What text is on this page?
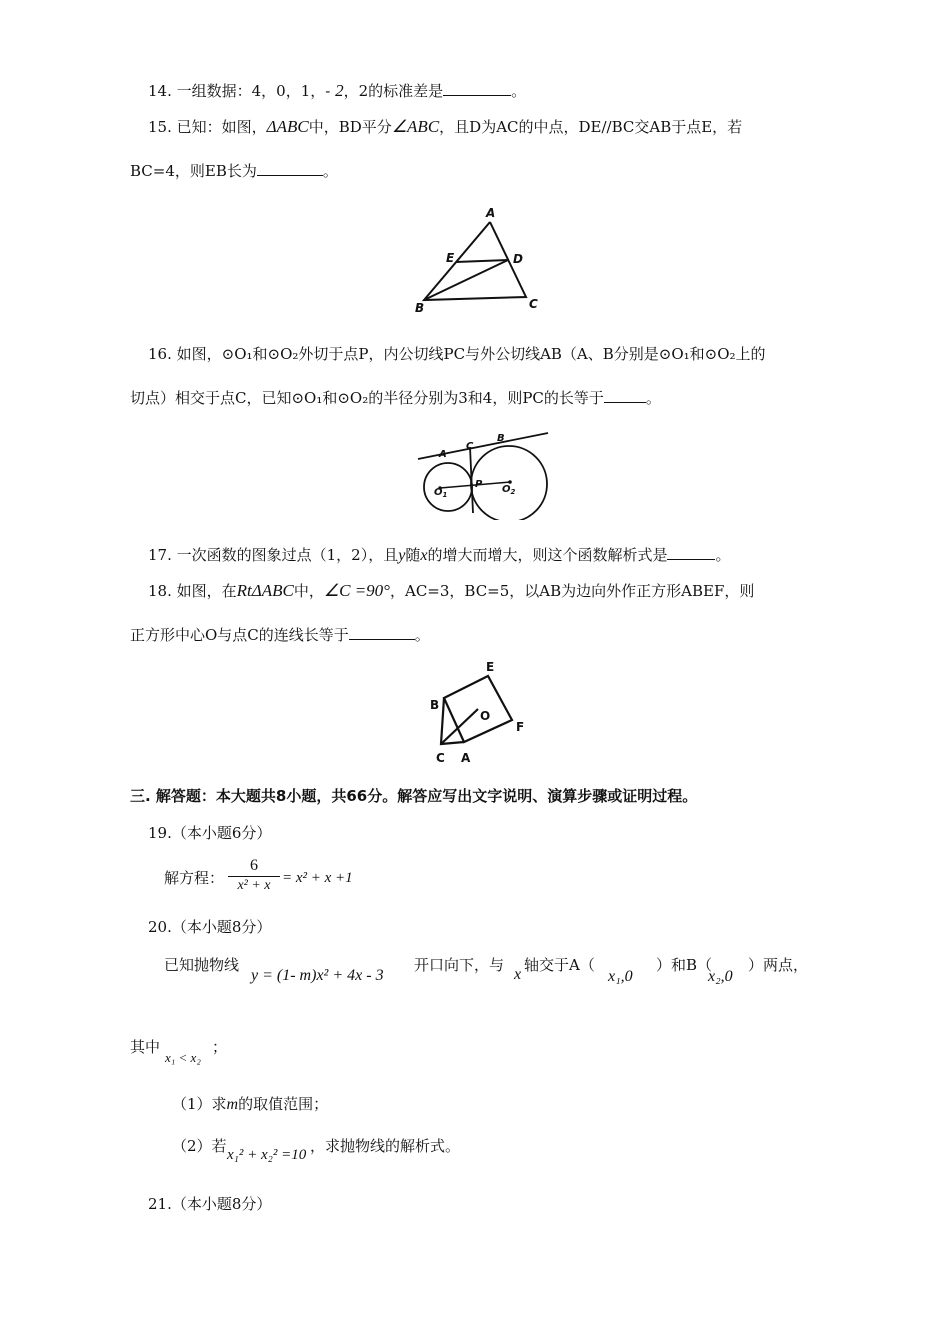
14. 一组数据：4，0，1，- 2，2的标准差是	。
15. 已知：如图，ΔABC中，BD平分∠ABC，且D为AC的中点，DE//BC交AB于点E，若
BC=4，则EB长为	。
A
E	D
B	C
16. 如图，⊙O₁和⊙O₂外切于点P，内公切线PC与外公切线AB（A、B分别是⊙O₁和⊙O₂上的
切点）相交于点C，已知⊙O₁和⊙O₂的半径分别为3和4，则PC的长等于	。
A
C
B
P
$O_1$	$O_2$
17. 一次函数的图象过点（1，2），且y随x的增大而增大，则这个函数解析式是	。
18. 如图，在RtΔABC中，∠C =90°，AC=3，BC=5，以AB为边向外作正方形ABEF，则
正方形中心O与点C的连线长等于	。
E
B
O
F
C A
三. 解答题：本大题共8小题，共66分。解答应写出文字说明、演算步骤或证明过程。
19.（本小题6分）
解方程： $\frac{6}{\text{x² + x}} = x^2 + x +1$
20.（本小题8分）
已知抛物线
y = (1- m)x² + 4x - 3
开口向下，与
x
轴交于A（
x₁,0
）和B（
x₂,0
）两点，
其中
x₁ < x₂
；
（1）求m的取值范围；
（2）若 x₁² + x₂² =10 ，求抛物线的解析式。
21.（本小题8分）
